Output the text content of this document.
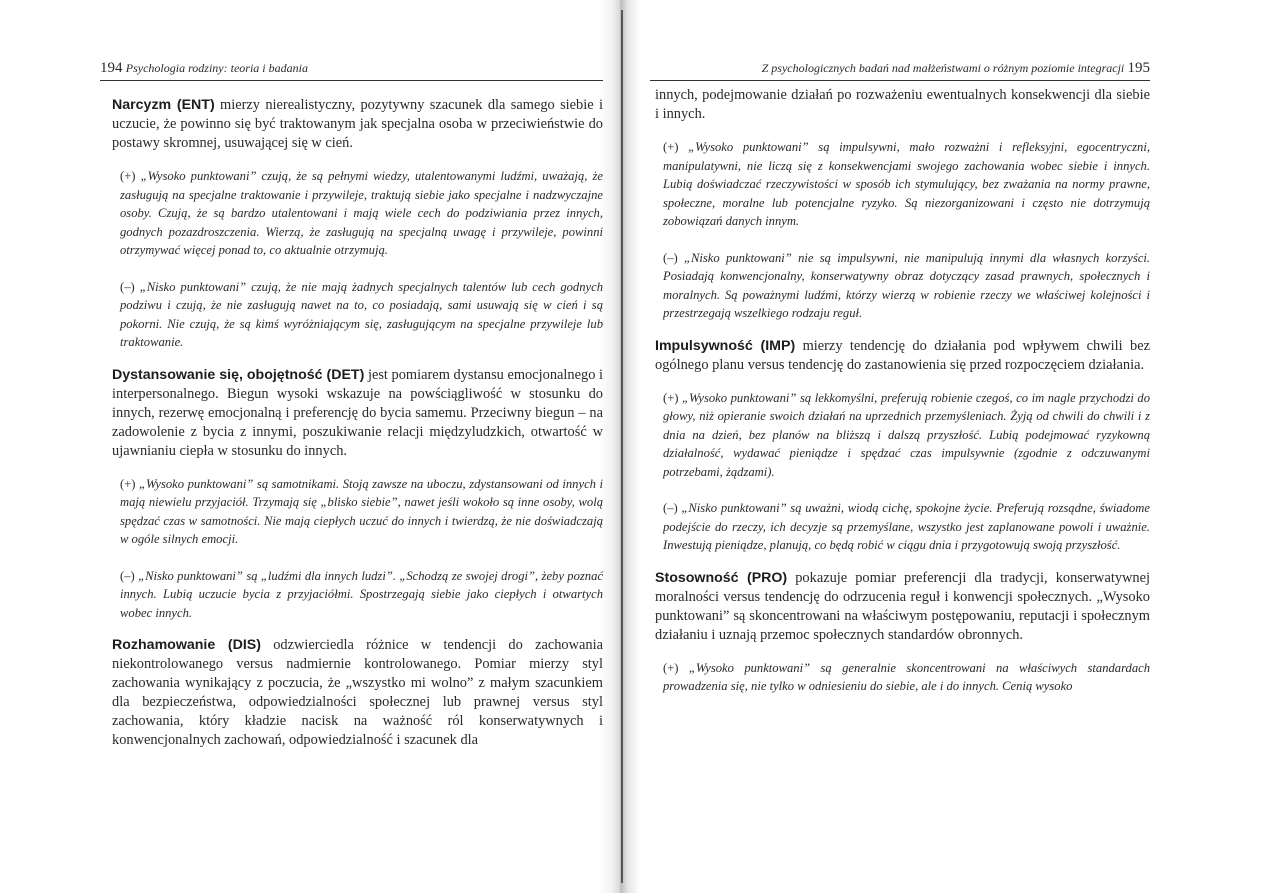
194 Psychologia rodziny: teoria i badania

Narcyzm (ENT) mierzy nierealistyczny, pozytywny szacunek dla samego siebie i uczucie, że powinno się być traktowanym jak specjalna osoba w przeciwieństwie do postawy skromnej, usuwającej się w cień.

(+) „Wysoko punktowani” czują, że są pełnymi wiedzy, utalentowanymi ludźmi, uważają, że zasługują na specjalne traktowanie i przywileje, traktują siebie jako specjalne i nadzwyczajne osoby. Czują, że są bardzo utalentowani i mają wiele cech do podziwiania przez innych, godnych pozazdroszczenia. Wierzą, że zasługują na specjalną uwagę i przywileje, powinni otrzymywać więcej ponad to, co aktualnie otrzymują.

(–) „Nisko punktowani” czują, że nie mają żadnych specjalnych talentów lub cech godnych podziwu i czują, że nie zasługują nawet na to, co posiadają, sami usuwają się w cień i są pokorni. Nie czują, że są kimś wyróżniającym się, zasługującym na specjalne przywileje lub traktowanie.

Dystansowanie się, obojętność (DET) jest pomiarem dystansu emocjonalnego i interpersonalnego. Biegun wysoki wskazuje na powściągliwość w stosunku do innych, rezerwę emocjonalną i preferencję do bycia samemu. Przeciwny biegun – na zadowolenie z bycia z innymi, poszukiwanie relacji międzyludzkich, otwartość w ujawnianiu ciepła w stosunku do innych.

(+) „Wysoko punktowani” są samotnikami. Stoją zawsze na uboczu, zdystansowani od innych i mają niewielu przyjaciół. Trzymają się „blisko siebie”, nawet jeśli wokoło są inne osoby, wolą spędzać czas w samotności. Nie mają ciepłych uczuć do innych i twierdzą, że nie doświadczają w ogóle silnych emocji.

(–) „Nisko punktowani” są „ludźmi dla innych ludzi”. „Schodzą ze swojej drogi”, żeby poznać innych. Lubią uczucie bycia z przyjaciółmi. Spostrzegają siebie jako ciepłych i otwartych wobec innych.

Rozhamowanie (DIS) odzwierciedla różnice w tendencji do zachowania niekontrolowanego versus nadmiernie kontrolowanego. Pomiar mierzy styl zachowania wynikający z poczucia, że „wszystko mi wolno” z małym szacunkiem dla bezpieczeństwa, odpowiedzialności społecznej lub prawnej versus styl zachowania, który kładzie nacisk na ważność ról konserwatywnych i konwencjonalnych zachowań, odpowiedzialność i szacunek dla

Z psychologicznych badań nad małżeństwami o różnym poziomie integracji 195

innych, podejmowanie działań po rozważeniu ewentualnych konsekwencji dla siebie i innych.

(+) „Wysoko punktowani” są impulsywni, mało rozważni i refleksyjni, egocentryczni, manipulatywni, nie liczą się z konsekwencjami swojego zachowania wobec siebie i innych. Lubią doświadczać rzeczywistości w sposób ich stymulujący, bez zważania na normy prawne, społeczne, moralne lub potencjalne ryzyko. Są niezorganizowani i często nie dotrzymują zobowiązań danych innym.

(–) „Nisko punktowani” nie są impulsywni, nie manipulują innymi dla własnych korzyści. Posiadają konwencjonalny, konserwatywny obraz dotyczący zasad prawnych, społecznych i moralnych. Są poważnymi ludźmi, którzy wierzą w robienie rzeczy we właściwej kolejności i przestrzegają wszelkiego rodzaju reguł.

Impulsywność (IMP) mierzy tendencję do działania pod wpływem chwili bez ogólnego planu versus tendencję do zastanowienia się przed rozpoczęciem działania.

(+) „Wysoko punktowani” są lekkomyślni, preferują robienie czegoś, co im nagle przychodzi do głowy, niż opieranie swoich działań na uprzednich przemyśleniach. Żyją od chwili do chwili i z dnia na dzień, bez planów na bliższą i dalszą przyszłość. Lubią podejmować ryzykowną działalność, wydawać pieniądze i spędzać czas impulsywnie (zgodnie z odczuwanymi potrzebami, żądzami).

(–) „Nisko punktowani” są uważni, wiodą cichę, spokojne życie. Preferują rozsądne, świadome podejście do rzeczy, ich decyzje są przemyślane, wszystko jest zaplanowane powoli i uważnie. Inwestują pieniądze, planują, co będą robić w ciągu dnia i przygotowują swoją przyszłość.

Stosowność (PRO) pokazuje pomiar preferencji dla tradycji, konserwatywnej moralności versus tendencję do odrzucenia reguł i konwencji społecznych. „Wysoko punktowani” są skoncentrowani na właściwym postępowaniu, reputacji i społecznym działaniu i uznają przemoc społecznych standardów obronnych.

(+) „Wysoko punktowani” są generalnie skoncentrowani na właściwych standardach prowadzenia się, nie tylko w odniesieniu do siebie, ale i do innych. Cenią wysoko
